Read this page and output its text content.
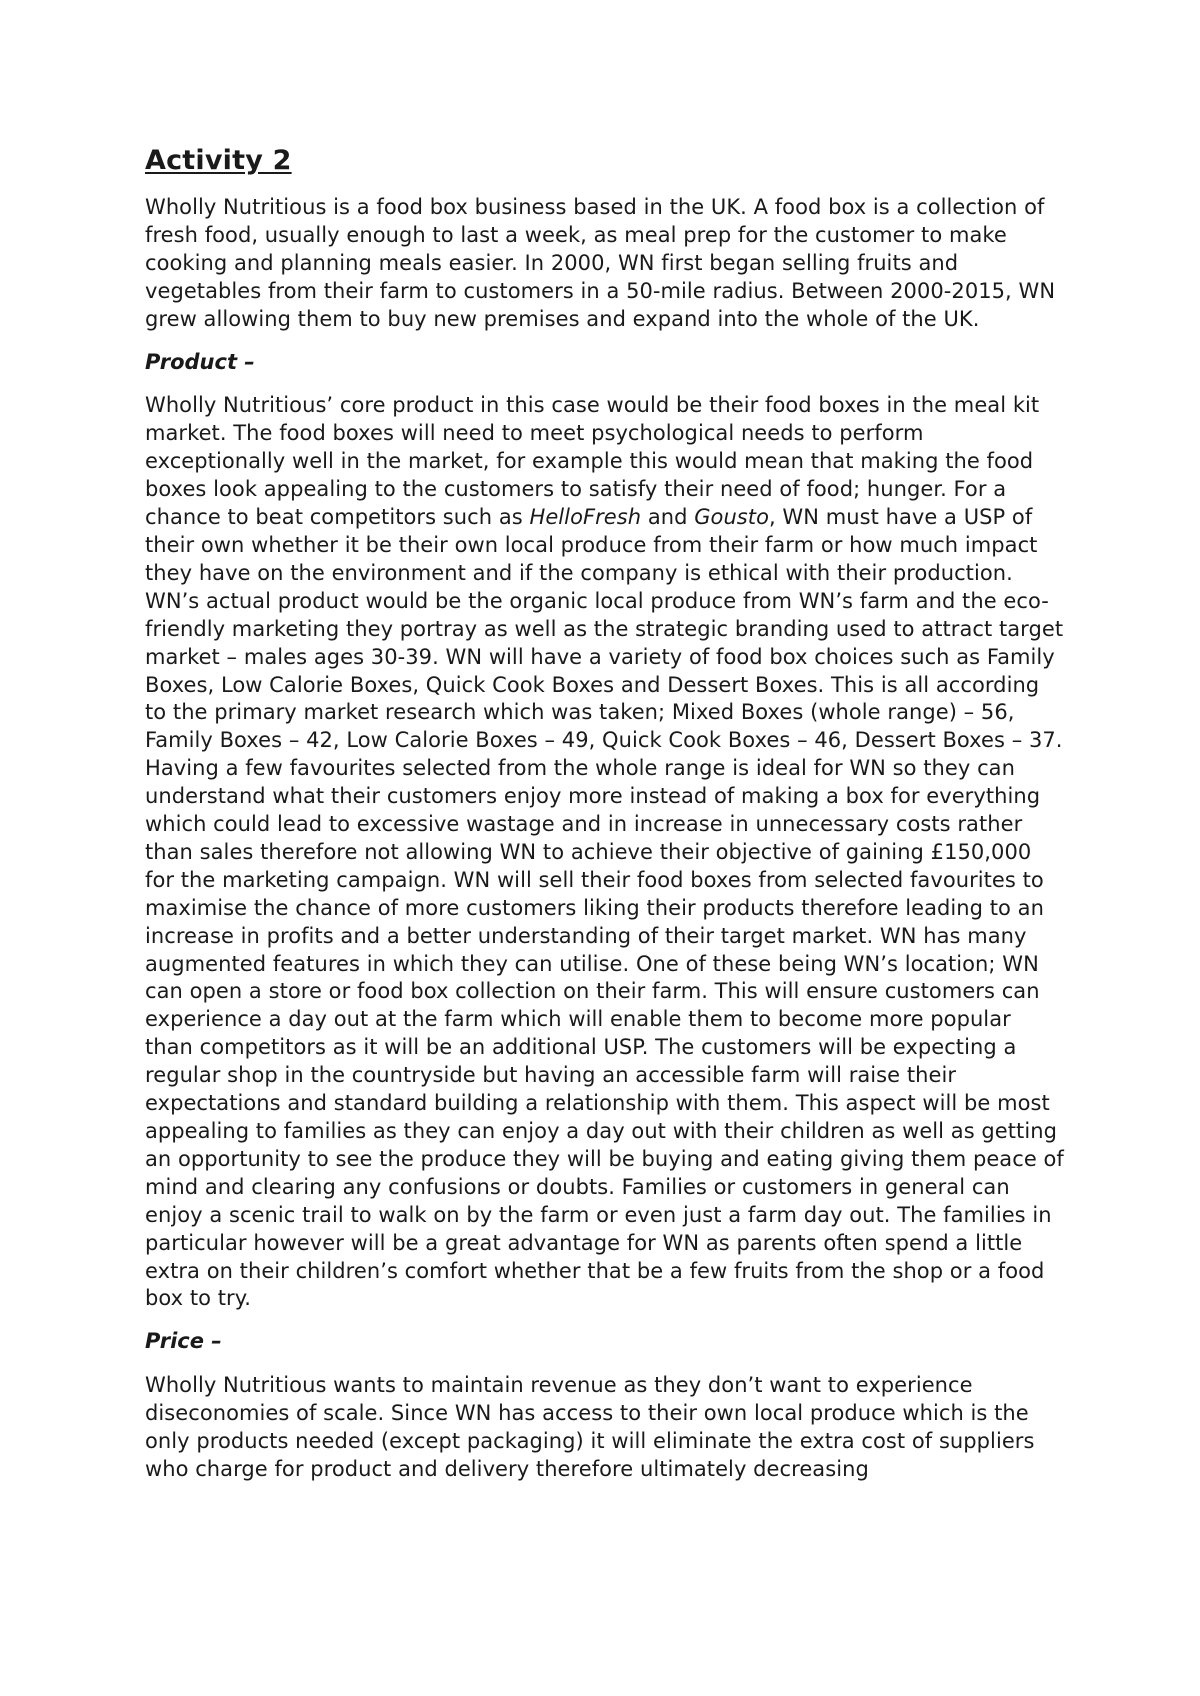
Activity 2

Wholly Nutritious is a food box business based in the UK. A food box is a collection of fresh food, usually enough to last a week, as meal prep for the customer to make cooking and planning meals easier. In 2000, WN first began selling fruits and vegetables from their farm to customers in a 50-mile radius. Between 2000-2015, WN grew allowing them to buy new premises and expand into the whole of the UK.

Product –

Wholly Nutritious’ core product in this case would be their food boxes in the meal kit market. The food boxes will need to meet psychological needs to perform exceptionally well in the market, for example this would mean that making the food boxes look appealing to the customers to satisfy their need of food; hunger. For a chance to beat competitors such as HelloFresh and Gousto, WN must have a USP of their own whether it be their own local produce from their farm or how much impact they have on the environment and if the company is ethical with their production. WN’s actual product would be the organic local produce from WN’s farm and the eco-friendly marketing they portray as well as the strategic branding used to attract target market – males ages 30-39. WN will have a variety of food box choices such as Family Boxes, Low Calorie Boxes, Quick Cook Boxes and Dessert Boxes. This is all according to the primary market research which was taken; Mixed Boxes (whole range) – 56, Family Boxes – 42, Low Calorie Boxes – 49, Quick Cook Boxes – 46, Dessert Boxes – 37. Having a few favourites selected from the whole range is ideal for WN so they can understand what their customers enjoy more instead of making a box for everything which could lead to excessive wastage and in increase in unnecessary costs rather than sales therefore not allowing WN to achieve their objective of gaining £150,000 for the marketing campaign. WN will sell their food boxes from selected favourites to maximise the chance of more customers liking their products therefore leading to an increase in profits and a better understanding of their target market. WN has many augmented features in which they can utilise. One of these being WN’s location; WN can open a store or food box collection on their farm. This will ensure customers can experience a day out at the farm which will enable them to become more popular than competitors as it will be an additional USP. The customers will be expecting a regular shop in the countryside but having an accessible farm will raise their expectations and standard building a relationship with them. This aspect will be most appealing to families as they can enjoy a day out with their children as well as getting an opportunity to see the produce they will be buying and eating giving them peace of mind and clearing any confusions or doubts. Families or customers in general can enjoy a scenic trail to walk on by the farm or even just a farm day out. The families in particular however will be a great advantage for WN as parents often spend a little extra on their children’s comfort whether that be a few fruits from the shop or a food box to try.

Price –

Wholly Nutritious wants to maintain revenue as they don’t want to experience diseconomies of scale. Since WN has access to their own local produce which is the only products needed (except packaging) it will eliminate the extra cost of suppliers who charge for product and delivery therefore ultimately decreasing
